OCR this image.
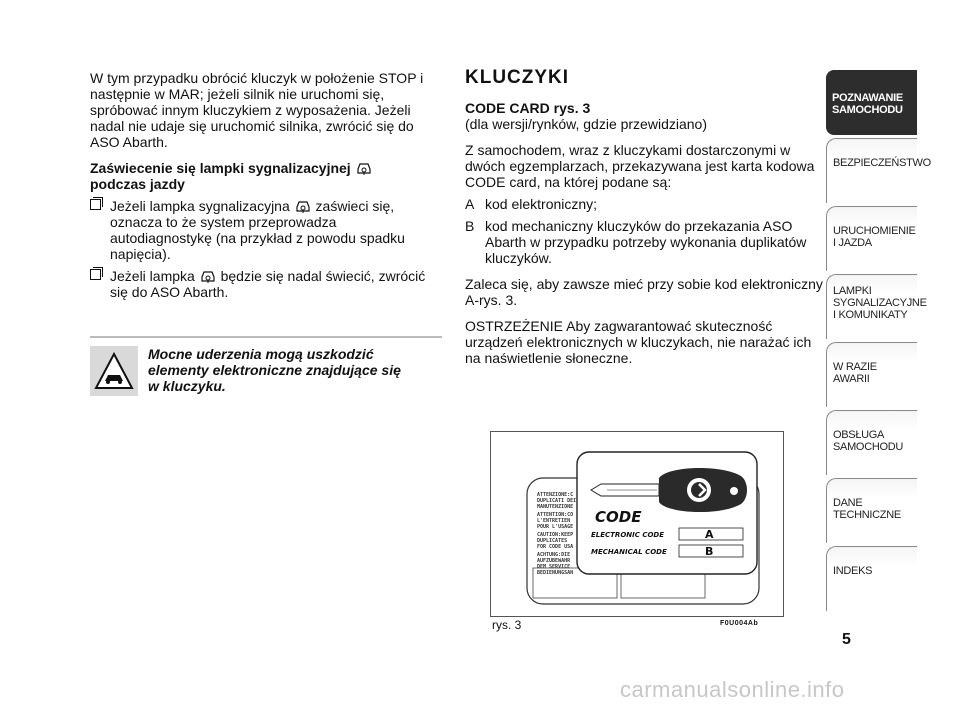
W tym przypadku obrócić kluczyk w położenie STOP i następnie w MAR; jeżeli silnik nie uruchomi się, spróbować innym kluczykiem z wyposażenia. Jeżeli nadal nie udaje się uruchomić silnika, zwrócić się do ASO Abarth.

Zaświecenie się lampki sygnalizacyjnej
podczas jazdy

Jeżeli lampka sygnalizacyjna zaświeci się, oznacza to że system przeprowadza autodiagnostykę (na przykład z powodu spadku napięcia).
Jeżeli lampka będzie się nadal świecić, zwrócić się do ASO Abarth.
Mocne uderzenia mogą uszkodzić
elementy elektroniczne znajdujące się
w kluczyku.
KLUCZYKI
CODE CARD rys. 3

(dla wersji/rynków, gdzie przewidziano)

Z samochodem, wraz z kluczykami dostarczonymi w dwóch egzemplarzach, przekazywana jest karta kodowa CODE card, na której podane są:

A kod elektroniczny;
B kod mechaniczny kluczyków do przekazania ASO Abarth w przypadku potrzeby wykonania duplikatów kluczyków.

Zaleca się, aby zawsze mieć przy sobie kod elektroniczny A-rys. 3.

OSTRZEŻENIE Aby zagwarantować skuteczność urządzeń elektronicznych w kluczykach, nie narażać ich na naświetlenie słoneczne.

ATTENZIONE:C
DUPLICATI DEI
MANUTENZIONE
ATTENTION:CO
L'ENTRETIEN
POUR L'USAGE
CAUTION:KEEP
DUPLICATES
FOR CODE USA
ACHTUNG:DIE
AUFZUBEWAHR
DEM SERVICE
BEDIENUNGSAN
CODE
ELECTRONIC CODE
MECHANICAL CODE
A
B
rys. 3	F0U004Ab
POZNAWANIE SAMOCHODU
BEZPIECZEŃSTWO
URUCHOMIENIE I JAZDA
LAMPKI SYGNALIZACYJNE I KOMUNIKATY
W RAZIE AWARII
OBSŁUGA SAMOCHODU
DANE TECHNICZNE
INDEKS
5
carmanualsonline.info
